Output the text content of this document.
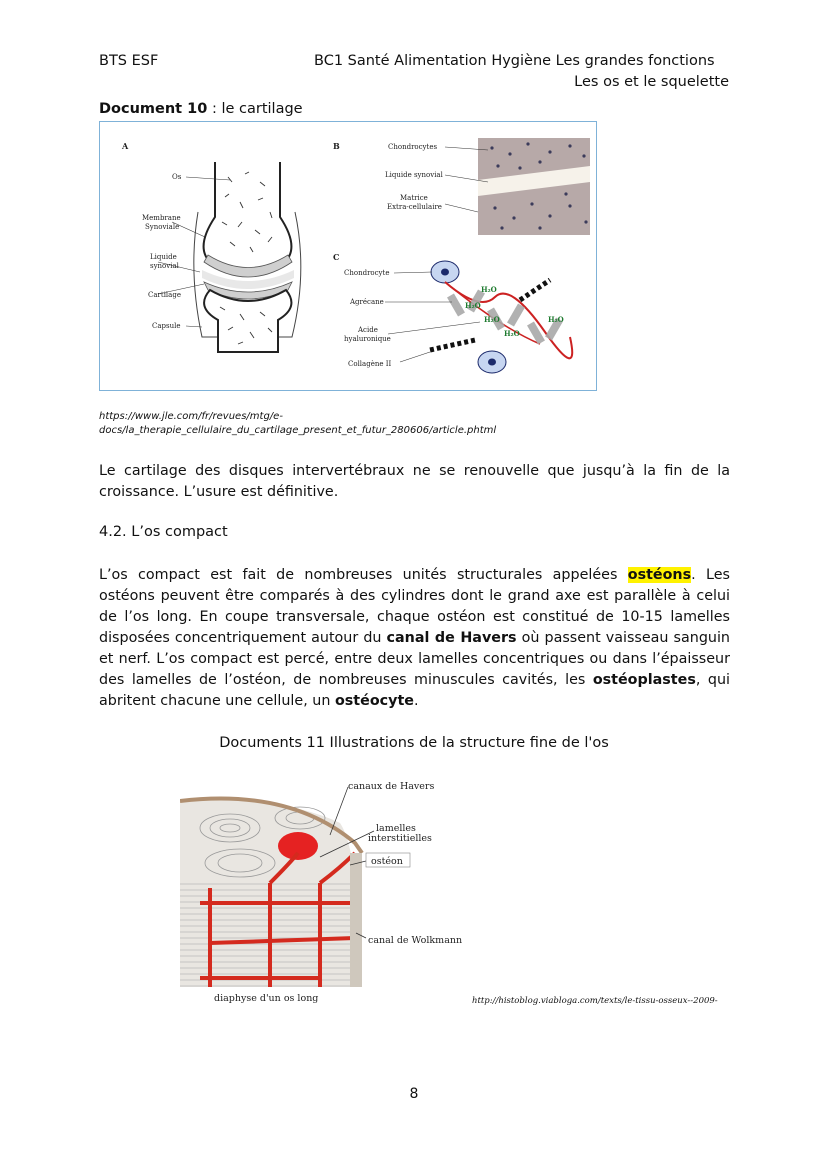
BTS ESF	BC1 Santé Alimentation Hygiène Les grandes fonctions
Les os et le squelette
Document 10 : le cartilage
A
Os
Membrane
Synoviale
Liquide
synovial
Cartilage
Capsule
B	Chondrocytes
Liquide synovial
Matrice
Extra-cellulaire
C
Chondrocyte
Agrécane
Acide
hyaluronique
Collagène II
H₂O
H₂O
H₂O	H₂O
H₂O
https://www.jle.com/fr/revues/mtg/e-
docs/la_therapie_cellulaire_du_cartilage_present_et_futur_280606/article.phtml
Le cartilage des disques intervertébraux ne se renouvelle que jusqu’à la fin de la croissance. L’usure est définitive.
4.2. L’os compact
L’os compact est fait de nombreuses unités structurales appelées ostéons. Les ostéons peuvent être comparés à des cylindres dont le grand axe est parallèle à celui de l’os long. En coupe transversale, chaque ostéon est constitué de 10-15 lamelles disposées concentriquement autour du canal de Havers où passent vaisseau sanguin et nerf. L’os compact est percé, entre deux lamelles concentriques ou dans l’épaisseur des lamelles de l’ostéon, de nombreuses minuscules cavités, les ostéoplastes, qui abritent chacune une cellule, un ostéocyte.
Documents 11 Illustrations de la structure fine de l'os
canaux de Havers
lamelles
interstitielles
ostéon
canal de Wolkmann
diaphyse d'un os long	http://histoblog.viabloga.com/texts/le-tissu-osseux--2009-
8
